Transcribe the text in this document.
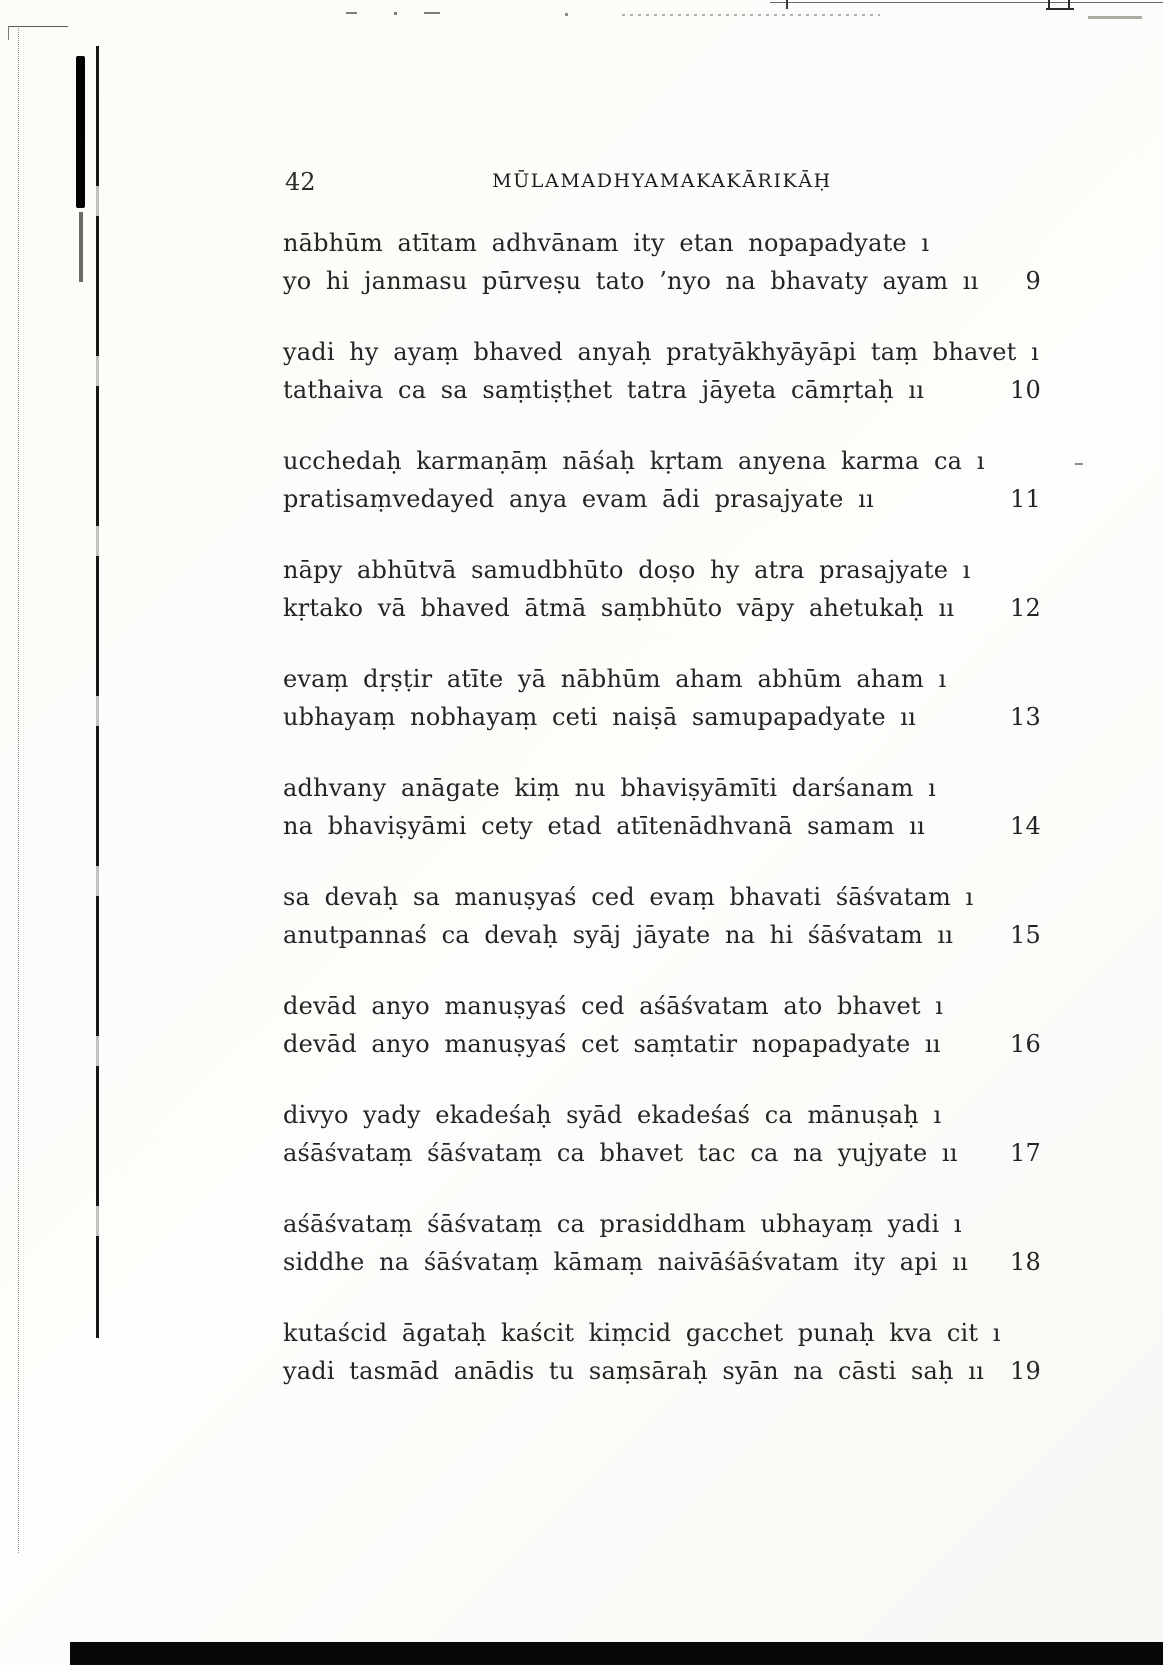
42	MŪLAMADHYAMAKAKĀRIKĀḤ
nābhūm atītam adhvānam ity etan nopapadyate ı
yo hi janmasu pūrveṣu tato ’nyo na bhavaty ayam ıı	9
yadi hy ayaṃ bhaved anyaḥ pratyākhyāyāpi taṃ bhavet ı
tathaiva ca sa saṃtiṣṭhet tatra jāyeta cāmṛtaḥ ıı	10
ucchedaḥ karmaṇāṃ nāśaḥ kṛtam anyena karma ca ı
pratisaṃvedayed anya evam ādi prasajyate ıı	11
nāpy abhūtvā samudbhūto doṣo hy atra prasajyate ı
kṛtako vā bhaved ātmā saṃbhūto vāpy ahetukaḥ ıı	12
evaṃ dṛṣṭir atīte yā nābhūm aham abhūm aham ı
ubhayaṃ nobhayaṃ ceti naiṣā samupapadyate ıı	13
adhvany anāgate kiṃ nu bhaviṣyāmīti darśanam ı
na bhaviṣyāmi cety etad atītenādhvanā samam ıı	14
sa devaḥ sa manuṣyaś ced evaṃ bhavati śāśvatam ı
anutpannaś ca devaḥ syāj jāyate na hi śāśvatam ıı	15
devād anyo manuṣyaś ced aśāśvatam ato bhavet ı
devād anyo manuṣyaś cet saṃtatir nopapadyate ıı	16
divyo yady ekadeśaḥ syād ekadeśaś ca mānuṣaḥ ı
aśāśvataṃ śāśvataṃ ca bhavet tac ca na yujyate ıı	17
aśāśvataṃ śāśvataṃ ca prasiddham ubhayaṃ yadi ı
siddhe na śāśvataṃ kāmaṃ naivāśāśvatam ity api ıı	18
kutaścid āgataḥ kaścit kiṃcid gacchet punaḥ kva cit ı
yadi tasmād anādis tu saṃsāraḥ syān na cāsti saḥ ıı	19
